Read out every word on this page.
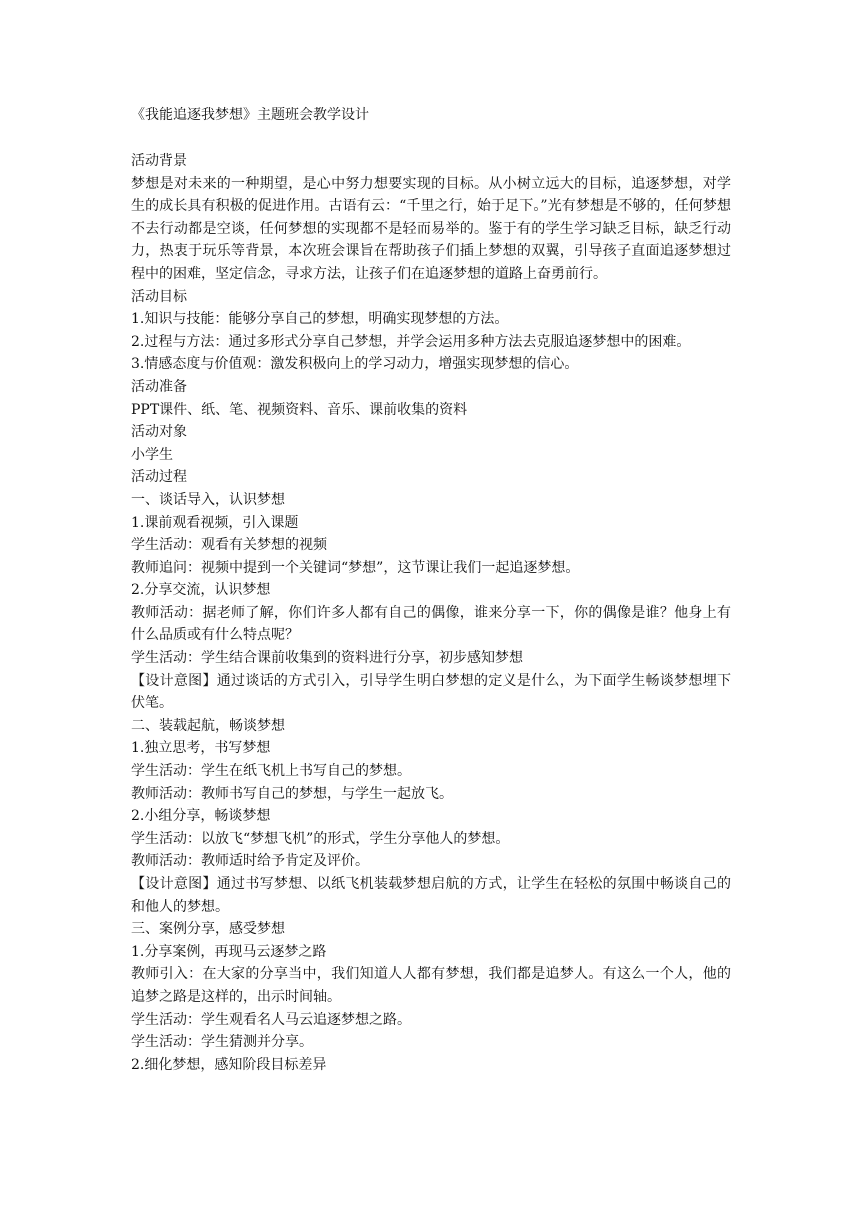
《我能追逐我梦想》主题班会教学设计

活动背景

梦想是对未来的一种期望，是心中努力想要实现的目标。从小树立远大的目标，追逐梦想，对学生的成长具有积极的促进作用。古语有云：“千里之行，始于足下。”光有梦想是不够的，任何梦想不去行动都是空谈，任何梦想的实现都不是轻而易举的。鉴于有的学生学习缺乏目标，缺乏行动力，热衷于玩乐等背景，本次班会课旨在帮助孩子们插上梦想的双翼，引导孩子直面追逐梦想过程中的困难，坚定信念，寻求方法，让孩子们在追逐梦想的道路上奋勇前行。

活动目标

1.知识与技能：能够分享自己的梦想，明确实现梦想的方法。

2.过程与方法：通过多形式分享自己梦想，并学会运用多种方法去克服追逐梦想中的困难。

3.情感态度与价值观：激发积极向上的学习动力，增强实现梦想的信心。

活动准备

PPT课件、纸、笔、视频资料、音乐、课前收集的资料

活动对象

小学生

活动过程

一、谈话导入，认识梦想

1.课前观看视频，引入课题

学生活动：观看有关梦想的视频

教师追问：视频中提到一个关键词“梦想”，这节课让我们一起追逐梦想。

2.分享交流，认识梦想

教师活动：据老师了解，你们许多人都有自己的偶像，谁来分享一下，你的偶像是谁？他身上有什么品质或有什么特点呢？

学生活动：学生结合课前收集到的资料进行分享，初步感知梦想

【设计意图】通过谈话的方式引入，引导学生明白梦想的定义是什么，为下面学生畅谈梦想埋下伏笔。

二、装载起航，畅谈梦想

1.独立思考，书写梦想

学生活动：学生在纸飞机上书写自己的梦想。

教师活动：教师书写自己的梦想，与学生一起放飞。

2.小组分享，畅谈梦想

学生活动：以放飞“梦想飞机”的形式，学生分享他人的梦想。

教师活动：教师适时给予肯定及评价。

【设计意图】通过书写梦想、以纸飞机装载梦想启航的方式，让学生在轻松的氛围中畅谈自己的和他人的梦想。

三、案例分享，感受梦想

1.分享案例，再现马云逐梦之路

教师引入：在大家的分享当中，我们知道人人都有梦想，我们都是追梦人。有这么一个人，他的追梦之路是这样的，出示时间轴。

学生活动：学生观看名人马云追逐梦想之路。

学生活动：学生猜测并分享。

2.细化梦想，感知阶段目标差异
